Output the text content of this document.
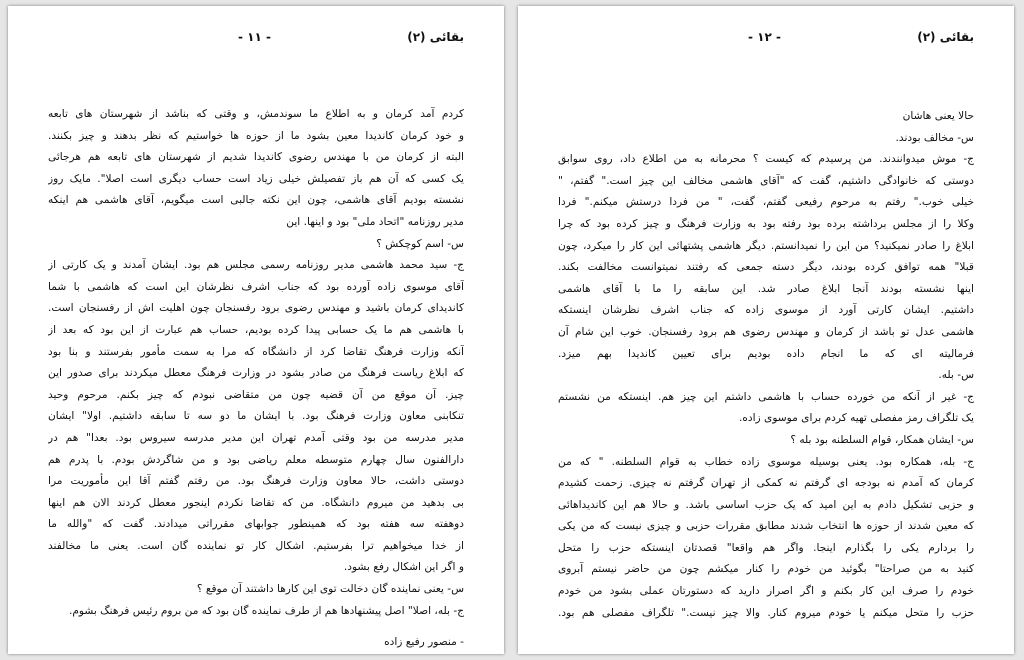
بقائی (۲)
- ۱۱ -
کردم آمد کرمان و به اطلاع ما سوندمش، و وقتی که بناشد از شهرستان های تابعه
و خود کرمان کاندیدا معین بشود ما از حوزه ها خواستیم که نظر بدهند و چیز بکنند.
البته از کرمان من با مهندس رضوی کاندیدا شدیم از شهرستان های تابعه هم هرجائی
یک کسی که آن هم باز تفصیلش خیلی زیاد است حساب دیگری است اصلا". مایک روز
نشسته بودیم آقای هاشمی، چون این نکته جالبی است میگویم، آقای هاشمی هم اینکه
مدیر روزنامه "اتحاد ملی" بود و اینها. این
س- اسم کوچکش ؟
ج- سید محمد هاشمی مدیر روزنامه رسمی مجلس هم بود. ایشان آمدند و یک کارتی از
آقای موسوی زاده آورده بود که جناب اشرف نظرشان این است که هاشمی با شما
کاندیدای کرمان باشید و مهندس رضوی برود رفسنجان چون اهلیت اش از رفسنجان است.
با هاشمی هم ما یک حسابی پیدا کرده بودیم، حساب هم عبارت از این بود که بعد از
آنکه وزارت فرهنگ تقاضا کرد از دانشگاه که مرا به سمت مأمور بفرستند و بنا بود
که ابلاغ ریاست فرهنگ من صادر بشود در وزارت فرهنگ معطل میکردند برای صدور این
چیز. آن موقع من آن قضیه چون من متقاضی نبودم که چیز بکنم. مرحوم وحید
تنکابنی معاون وزارت فرهنگ بود. با ایشان ما دو سه تا سابقه داشتیم. اولا" ایشان
مدیر مدرسه من بود وقتی آمدم تهران این مدیر مدرسه سیروس بود. بعدا" هم در
دارالفنون سال چهارم متوسطه معلم ریاضی بود و من شاگردش بودم. با پدرم هم
دوستی داشت، حالا معاون وزارت فرهنگ بود. من رفتم گفتم آقا این مأموریت مرا
بی بدهید من میروم دانشگاه. من که تقاضا نکردم اینجور معطل کردند الان هم اینها
دوهفته سه هفته بود که همینطور جوابهای مقرراتی میدادند. گفت که "والله ما
از خدا میخواهیم ترا بفرستیم. اشکال کار تو نماینده گان است. یعنی ما مخالفند
و اگر این اشکال رفع بشود.
س- یعنی نماینده گان دخالت توی این کارها داشتند آن موقع ؟
ج- بله، اصلا" اصل پیشنهادها هم از طرف نماینده گان بود که من بروم رئیس فرهنگ بشوم.
- منصور رفیع زاده
بقائی (۲)
- ۱۲ -
حالا یعنی هاشان
س- مخالف بودند.
ج- موش میدوانندند. من پرسیدم که کیست ؟ محرمانه به من اطلاع داد، روی سوابق
دوستی که خانوادگی داشتیم، گفت که "آقای هاشمی مخالف این چیز است." گفتم، "
خیلی خوب." رفتم به مرحوم رفیعی گفتم، گفت، " من فردا درستش میکنم." فردا
وکلا را از مجلس برداشته برده بود رفته بود به وزارت فرهنگ و چیز کرده بود که چرا
ابلاغ را صادر نمیکنید؟ من این را نمیدانستم. دیگر هاشمی پشتهائی این کار را میکرد، چون
قبلا" همه توافق کرده بودند، دیگر دسته جمعی که رفتند نمیتوانست مخالفت بکند.
اینها نشسته بودند آنجا ابلاغ صادر شد. این سابقه را ما با آقای هاشمی
داشتیم. ایشان کارتی آورد از موسوی زاده که جناب اشرف نظرشان اینستکه
هاشمی عدل تو باشد از کرمان و مهندس رضوی هم برود رفسنجان. خوب این شام آن
فرمالیته ای که ما انجام داده بودیم برای تعیین کاندیدا بهم میزد.
س- بله.
ج- غیر از آنکه من خورده حساب با هاشمی داشتم این چیز هم. اینستکه من نشستم
یک تلگراف رمز مفصلی تهیه کردم برای موسوی زاده.
س- ایشان همکار، قوام السلطنه بود بله ؟
ج- بله، همکاره بود. یعنی بوسیله موسوی زاده خطاب به قوام السلطنه. " که من
کرمان که آمدم نه بودجه ای گرفتم نه کمکی از تهران گرفتم نه چیزی. زحمت کشیدم
و حزبی تشکیل دادم به این امید که یک حزب اساسی باشد. و حالا هم این کاندیداهائی
که معین شدند از حوزه ها انتخاب شدند مطابق مقررات حزبی و چیزی نیست که من یکی
را بردارم یکی را بگذارم اینجا. واگر هم واقعا" قصدتان اینستکه حزب را متحل
کنید به من صراحتا" بگوئید من خودم را کنار میکشم چون من حاضر نیستم آبروی
خودم را صرف این کار بکنم و اگر اصرار دارید که دستورتان عملی بشود من خودم
حزب را متحل میکنم یا خودم میروم کنار. والا چیز نیست." تلگراف مفصلی هم بود.
